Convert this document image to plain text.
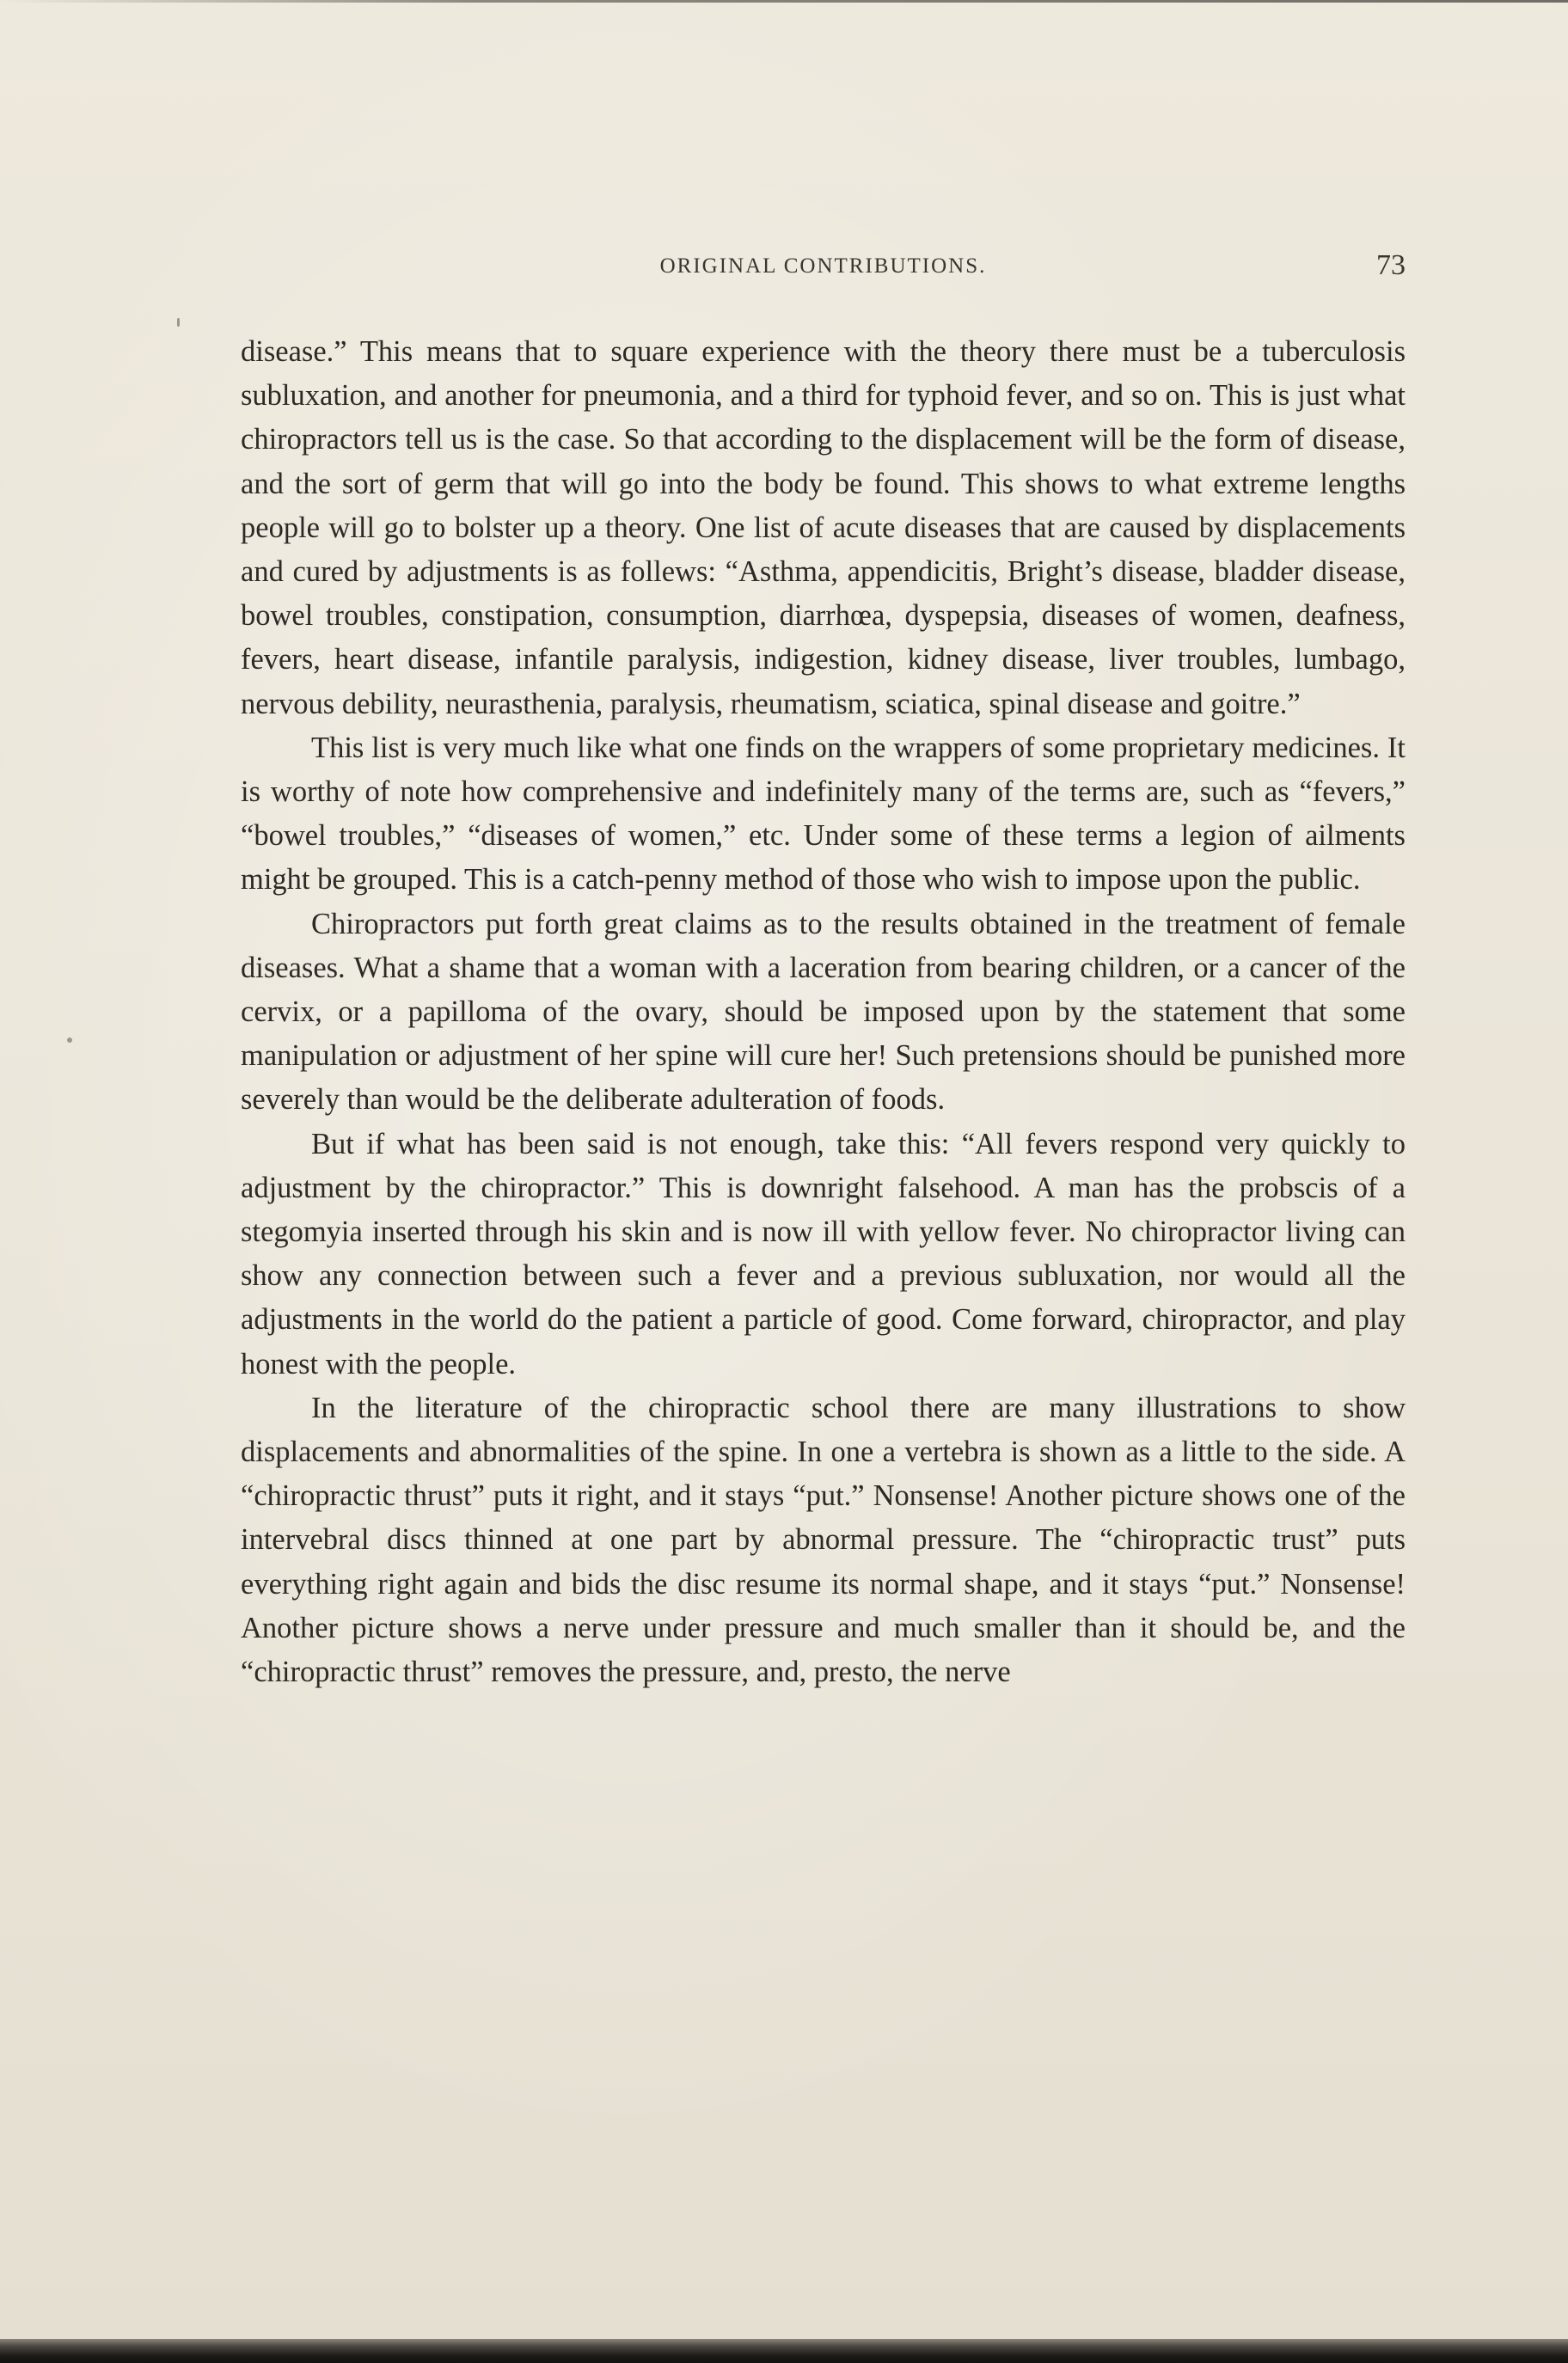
ORIGINAL CONTRIBUTIONS.	73

disease.” This means that to square experience with the theory there must be a tuberculosis subluxation, and another for pneumonia, and a third for typhoid fever, and so on. This is just what chiropractors tell us is the case. So that according to the displacement will be the form of disease, and the sort of germ that will go into the body be found. This shows to what extreme lengths people will go to bolster up a theory. One list of acute diseases that are caused by displacements and cured by adjustments is as follews: “Asthma, appendicitis, Bright’s disease, bladder disease, bowel troubles, constipation, consumption, diarrhœa, dyspepsia, diseases of women, deafness, fevers, heart disease, infantile paralysis, indigestion, kidney disease, liver troubles, lumbago, nervous debility, neurasthenia, paralysis, rheumatism, sciatica, spinal disease and goitre.”

This list is very much like what one finds on the wrappers of some proprietary medicines. It is worthy of note how comprehensive and indefinitely many of the terms are, such as “fevers,” “bowel troubles,” “diseases of women,” etc. Under some of these terms a legion of ailments might be grouped. This is a catch-penny method of those who wish to impose upon the public.

Chiropractors put forth great claims as to the results obtained in the treatment of female diseases. What a shame that a woman with a laceration from bearing children, or a cancer of the cervix, or a papilloma of the ovary, should be imposed upon by the statement that some manipulation or adjustment of her spine will cure her! Such pretensions should be punished more severely than would be the deliberate adulteration of foods.

But if what has been said is not enough, take this: “All fevers respond very quickly to adjustment by the chiropractor.” This is downright falsehood. A man has the probscis of a stegomyia inserted through his skin and is now ill with yellow fever. No chiropractor living can show any connection between such a fever and a previous subluxation, nor would all the adjustments in the world do the patient a particle of good. Come forward, chiropractor, and play honest with the people.

In the literature of the chiropractic school there are many illustrations to show displacements and abnormalities of the spine. In one a vertebra is shown as a little to the side. A “chiropractic thrust” puts it right, and it stays “put.” Nonsense! Another picture shows one of the intervebral discs thinned at one part by abnormal pressure. The “chiropractic trust” puts everything right again and bids the disc resume its normal shape, and it stays “put.” Nonsense! Another picture shows a nerve under pressure and much smaller than it should be, and the “chiropractic thrust” removes the pressure, and, presto, the nerve
